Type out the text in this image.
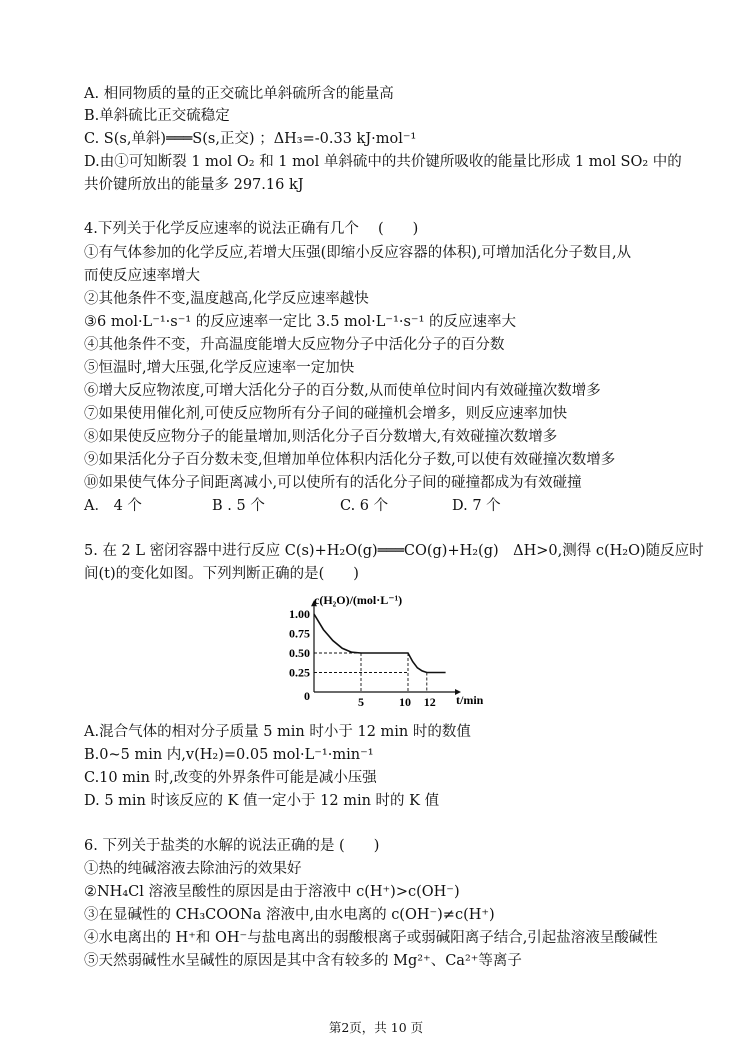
A. 相同物质的量的正交硫比单斜硫所含的能量高
B.单斜硫比正交硫稳定
C. S(s,单斜)═══S(s,正交) ；ΔH₃=-0.33 kJ·mol⁻¹
D.由①可知断裂 1 mol O₂ 和 1 mol 单斜硫中的共价键所吸收的能量比形成 1 mol SO₂ 中的
共价键所放出的能量多 297.16 kJ
4.下列关于化学反应速率的说法正确有几个　 (　　)
①有气体参加的化学反应,若增大压强(即缩小反应容器的体积),可增加活化分子数目,从
而使反应速率增大
②其他条件不变,温度越高,化学反应速率越快
③6 mol·L⁻¹·s⁻¹ 的反应速率一定比 3.5 mol·L⁻¹·s⁻¹ 的反应速率大
④其他条件不变，升高温度能增大反应物分子中活化分子的百分数
⑤恒温时,增大压强,化学反应速率一定加快
⑥增大反应物浓度,可增大活化分子的百分数,从而使单位时间内有效碰撞次数增多
⑦如果使用催化剂,可使反应物所有分子间的碰撞机会增多，则反应速率加快
⑧如果使反应物分子的能量增加,则活化分子百分数增大,有效碰撞次数增多
⑨如果活化分子百分数未变,但增加单位体积内活化分子数,可以使有效碰撞次数增多
⑩如果使气体分子间距离减小,可以使所有的活化分子间的碰撞都成为有效碰撞
A． 4 个	B . 5 个	C. 6 个	D. 7 个
5. 在 2 L 密闭容器中进行反应 C(s)+H₂O(g)═══CO(g)+H₂(g)　ΔH>0,测得 c(H₂O)随反应时
间(t)的变化如图。下列判断正确的是(　　)
1.00
0.75
0.50
0.25
5	10 12
c(H₂O)/(mol·L⁻¹)
t/min
0
A.混合气体的相对分子质量 5 min 时小于 12 min 时的数值
B.0~5 min 内,v(H₂)=0.05 mol·L⁻¹·min⁻¹
C.10 min 时,改变的外界条件可能是减小压强
D. 5 min 时该反应的 K 值一定小于 12 min 时的 K 值
6. 下列关于盐类的水解的说法正确的是 (　　)
①热的纯碱溶液去除油污的效果好
②NH₄Cl 溶液呈酸性的原因是由于溶液中 c(H⁺)>c(OH⁻)
③在显碱性的 CH₃COONa 溶液中,由水电离的 c(OH⁻)≠c(H⁺)
④水电离出的 H⁺和 OH⁻与盐电离出的弱酸根离子或弱碱阳离子结合,引起盐溶液呈酸碱性
⑤天然弱碱性水呈碱性的原因是其中含有较多的 Mg²⁺、Ca²⁺等离子
第2页，共 10 页
